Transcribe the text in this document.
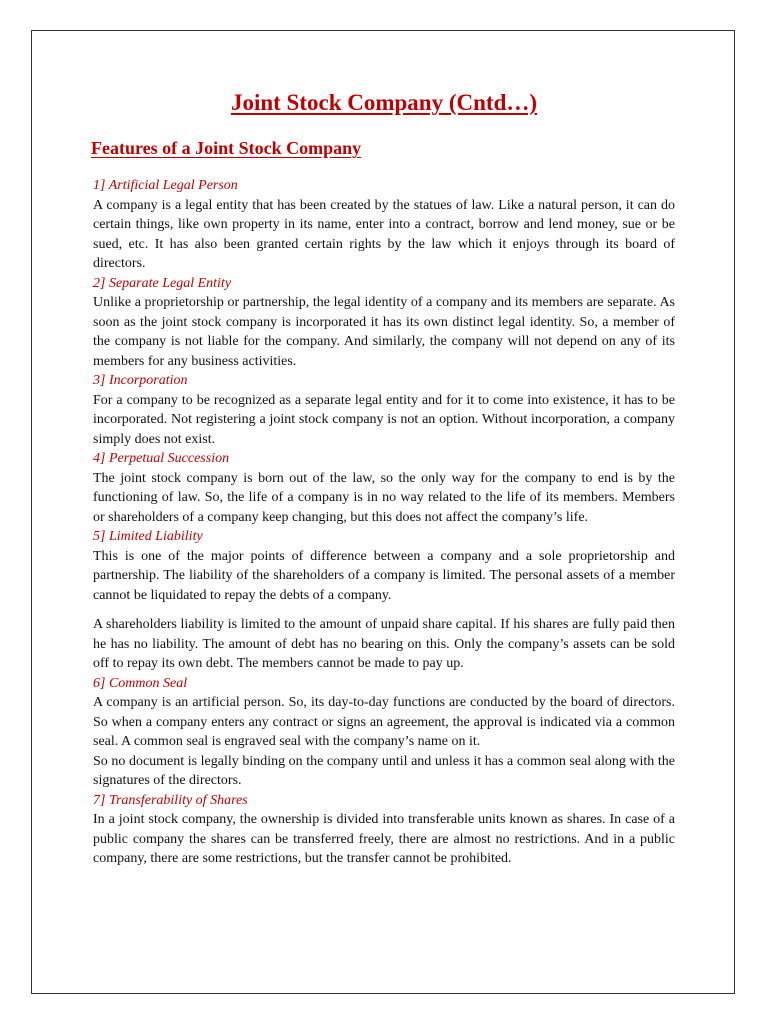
Joint Stock Company (Cntd…)
Features of a Joint Stock Company

1] Artificial Legal Person

A company is a legal entity that has been created by the statues of law. Like a natural person, it can do certain things, like own property in its name, enter into a contract, borrow and lend money, sue or be sued, etc. It has also been granted certain rights by the law which it enjoys through its board of directors.

2] Separate Legal Entity

Unlike a proprietorship or partnership, the legal identity of a company and its members are separate. As soon as the joint stock company is incorporated it has its own distinct legal identity. So, a member of the company is not liable for the company. And similarly, the company will not depend on any of its members for any business activities.

3] Incorporation

For a company to be recognized as a separate legal entity and for it to come into existence, it has to be incorporated. Not registering a joint stock company is not an option. Without incorporation, a company simply does not exist.

4] Perpetual Succession

The joint stock company is born out of the law, so the only way for the company to end is by the functioning of law. So, the life of a company is in no way related to the life of its members. Members or shareholders of a company keep changing, but this does not affect the company’s life.

5] Limited Liability

This is one of the major points of difference between a company and a sole proprietorship and partnership. The liability of the shareholders of a company is limited. The personal assets of a member cannot be liquidated to repay the debts of a company.

A shareholders liability is limited to the amount of unpaid share capital. If his shares are fully paid then he has no liability. The amount of debt has no bearing on this. Only the company’s assets can be sold off to repay its own debt. The members cannot be made to pay up.

6] Common Seal

A company is an artificial person. So, its day-to-day functions are conducted by the board of directors. So when a company enters any contract or signs an agreement, the approval is indicated via a common seal. A common seal is engraved seal with the company’s name on it.

So no document is legally binding on the company until and unless it has a common seal along with the signatures of the directors.

7] Transferability of Shares

In a joint stock company, the ownership is divided into transferable units known as shares. In case of a public company the shares can be transferred freely, there are almost no restrictions. And in a public company, there are some restrictions, but the transfer cannot be prohibited.
